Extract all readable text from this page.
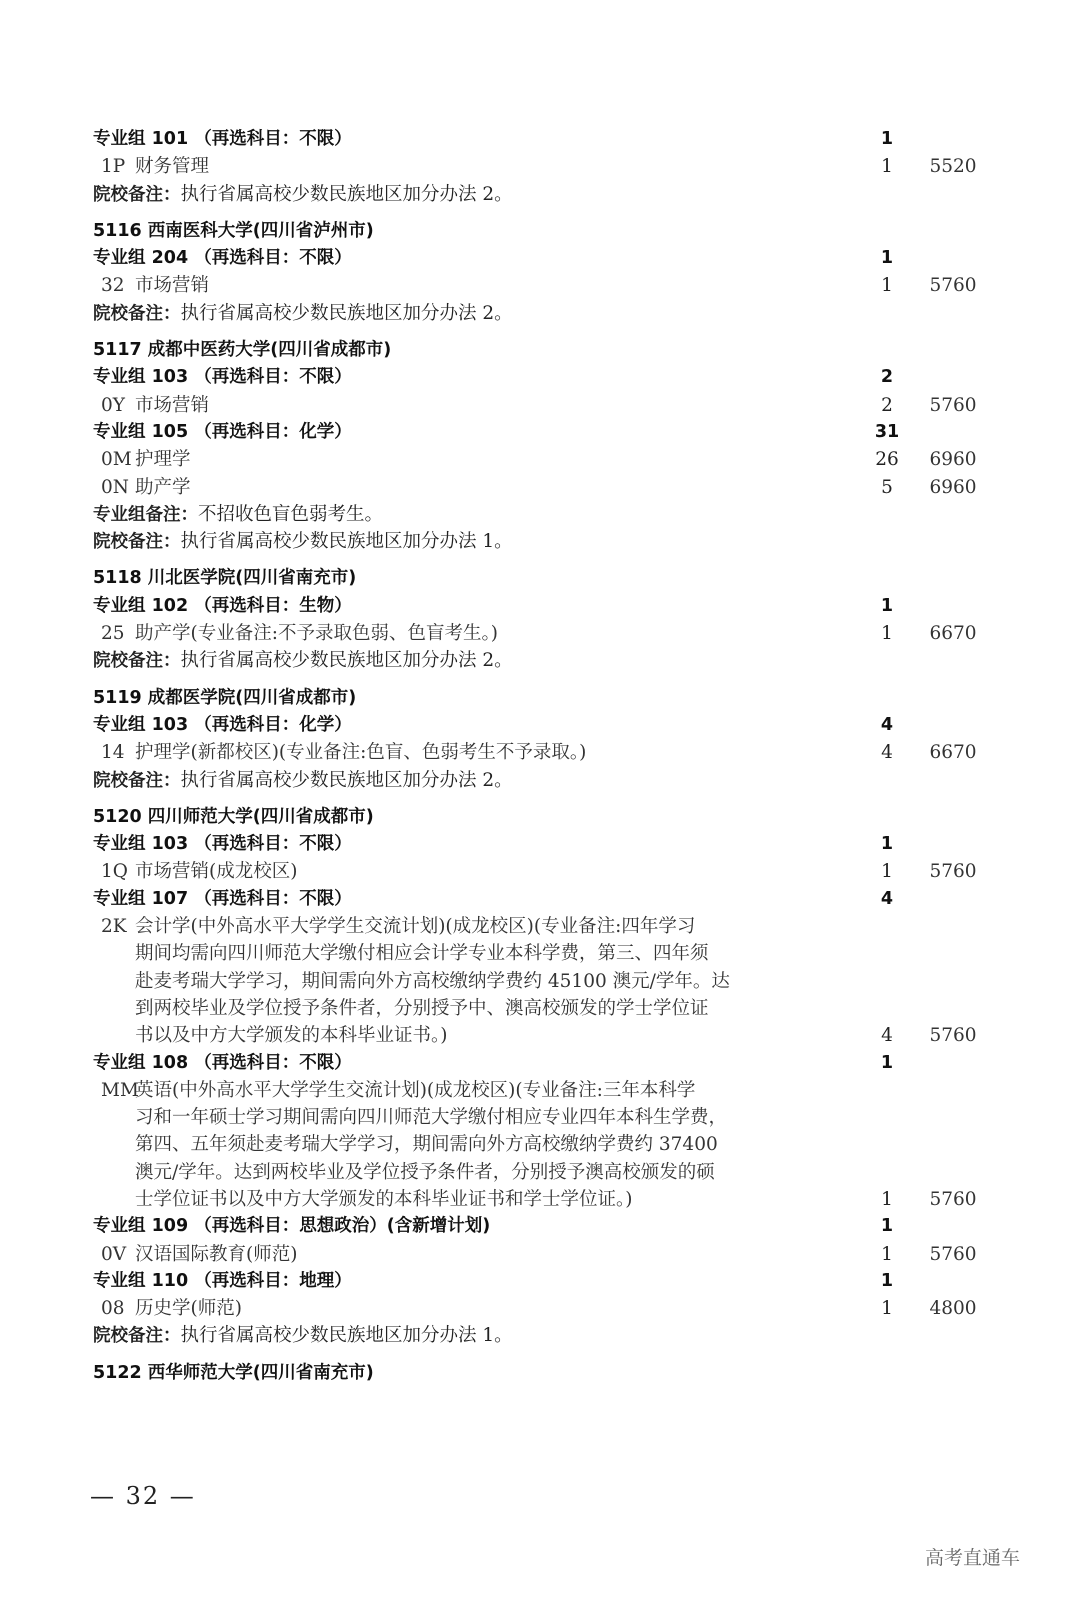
专业组 101 （再选科目：不限）	1
1P 财务管理	1	5520
院校备注：执行省属高校少数民族地区加分办法 2。
5116 西南医科大学(四川省泸州市)
专业组 204 （再选科目：不限）	1
32 市场营销	1	5760
院校备注：执行省属高校少数民族地区加分办法 2。
5117 成都中医药大学(四川省成都市)
专业组 103 （再选科目：不限）	2
0Y 市场营销	2	5760
专业组 105 （再选科目：化学）	31
0M 护理学	26 6960
0N 助产学	5	6960
专业组备注：不招收色盲色弱考生。
院校备注：执行省属高校少数民族地区加分办法 1。
5118 川北医学院(四川省南充市)
专业组 102 （再选科目：生物）	1
25 助产学(专业备注:不予录取色弱、色盲考生。)	1	6670
院校备注：执行省属高校少数民族地区加分办法 2。
5119 成都医学院(四川省成都市)
专业组 103 （再选科目：化学）	4
14 护理学(新都校区)(专业备注:色盲、色弱考生不予录取。)	4	6670
院校备注：执行省属高校少数民族地区加分办法 2。
5120 四川师范大学(四川省成都市)
专业组 103 （再选科目：不限）	1
1Q 市场营销(成龙校区)	1	5760
专业组 107 （再选科目：不限）	4
2K 会计学(中外高水平大学学生交流计划)(成龙校区)(专业备注:四年学习
期间均需向四川师范大学缴付相应会计学专业本科学费，第三、四年须
赴麦考瑞大学学习，期间需向外方高校缴纳学费约 45100 澳元/学年。达
到两校毕业及学位授予条件者，分别授予中、澳高校颁发的学士学位证
书以及中方大学颁发的本科毕业证书。)	4	5760
专业组 108 （再选科目：不限）	1
MM
英语(中外高水平大学学生交流计划)(成龙校区)(专业备注:三年本科学
习和一年硕士学习期间需向四川师范大学缴付相应专业四年本科生学费，
第四、五年须赴麦考瑞大学学习，期间需向外方高校缴纳学费约 37400
澳元/学年。达到两校毕业及学位授予条件者，分别授予澳高校颁发的硕
士学位证书以及中方大学颁发的本科毕业证书和学士学位证。)	1	5760
专业组 109 （再选科目：思想政治）(含新增计划)	1
0V 汉语国际教育(师范)	1	5760
专业组 110 （再选科目：地理）	1
08 历史学(师范)	1	4800
院校备注：执行省属高校少数民族地区加分办法 1。
5122 西华师范大学(四川省南充市)
— 32 —
高考直通车
